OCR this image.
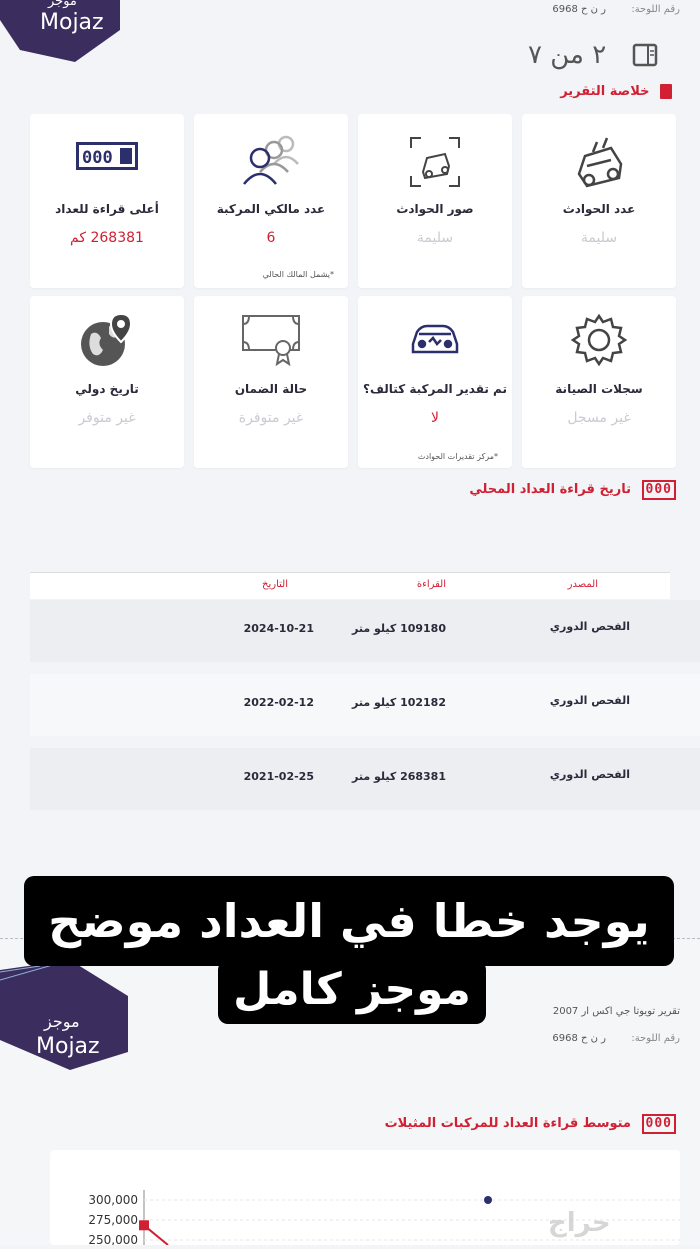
Mojaz
موجز
رقم اللوحة:
ر ن ح 6968
٢ من ٧
خلاصة التقرير
عدد الحوادث
سليمة
صور الحوادث
سليمة
عدد مالكي المركبة
6
*يشمل المالك الحالي
000
أعلى قراءة للعداد
268381 كم
سجلات الصيانة
غير مسجل
تم تقدير المركبة كتالف؟
لا
*مركز تقديرات الحوادث
حالة الضمان
غير متوفرة
تاريخ دولي
غير متوفر
000 تاريخ قراءة العداد المحلي
المصدر
القراءة
التاريخ
الفحص الدوري
109180 كيلو متر
2024-10-21
الفحص الدوري
102182 كيلو متر
2022-02-12
الفحص الدوري
268381 كيلو متر
2021-02-25
موجز
Mojaz
تقرير تويوتا جي اكس ار 2007
رقم اللوحة:
ر ن ح 6968
000 متوسط قراءة العداد للمركبات المثيلات
300,000
275,000
250,000
يوجد خطا في العداد موضح
موجز كامل
حراج
